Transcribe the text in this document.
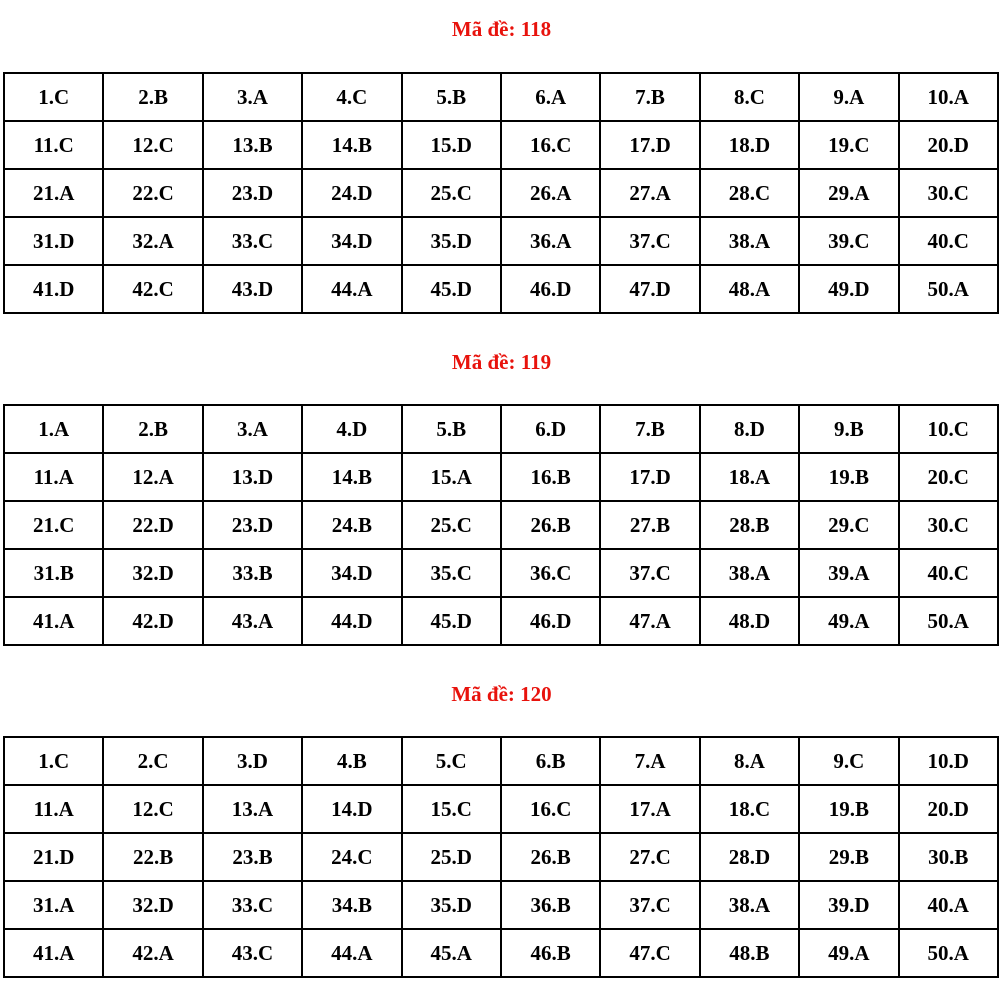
Mã đề: 118
1.C	2.B	3.A	4.C	5.B	6.A	7.B	8.C	9.A	10.A
11.C	12.C	13.B	14.B	15.D	16.C	17.D	18.D	19.C	20.D
21.A	22.C	23.D	24.D	25.C	26.A	27.A	28.C	29.A	30.C
31.D	32.A	33.C	34.D	35.D	36.A	37.C	38.A	39.C	40.C
41.D	42.C	43.D	44.A	45.D	46.D	47.D	48.A	49.D	50.A
Mã đề: 119
1.A	2.B	3.A	4.D	5.B	6.D	7.B	8.D	9.B	10.C
11.A	12.A	13.D	14.B	15.A	16.B	17.D	18.A	19.B	20.C
21.C	22.D	23.D	24.B	25.C	26.B	27.B	28.B	29.C	30.C
31.B	32.D	33.B	34.D	35.C	36.C	37.C	38.A	39.A	40.C
41.A	42.D	43.A	44.D	45.D	46.D	47.A	48.D	49.A	50.A
Mã đề: 120
1.C	2.C	3.D	4.B	5.C	6.B	7.A	8.A	9.C	10.D
11.A	12.C	13.A	14.D	15.C	16.C	17.A	18.C	19.B	20.D
21.D	22.B	23.B	24.C	25.D	26.B	27.C	28.D	29.B	30.B
31.A	32.D	33.C	34.B	35.D	36.B	37.C	38.A	39.D	40.A
41.A	42.A	43.C	44.A	45.A	46.B	47.C	48.B	49.A	50.A
